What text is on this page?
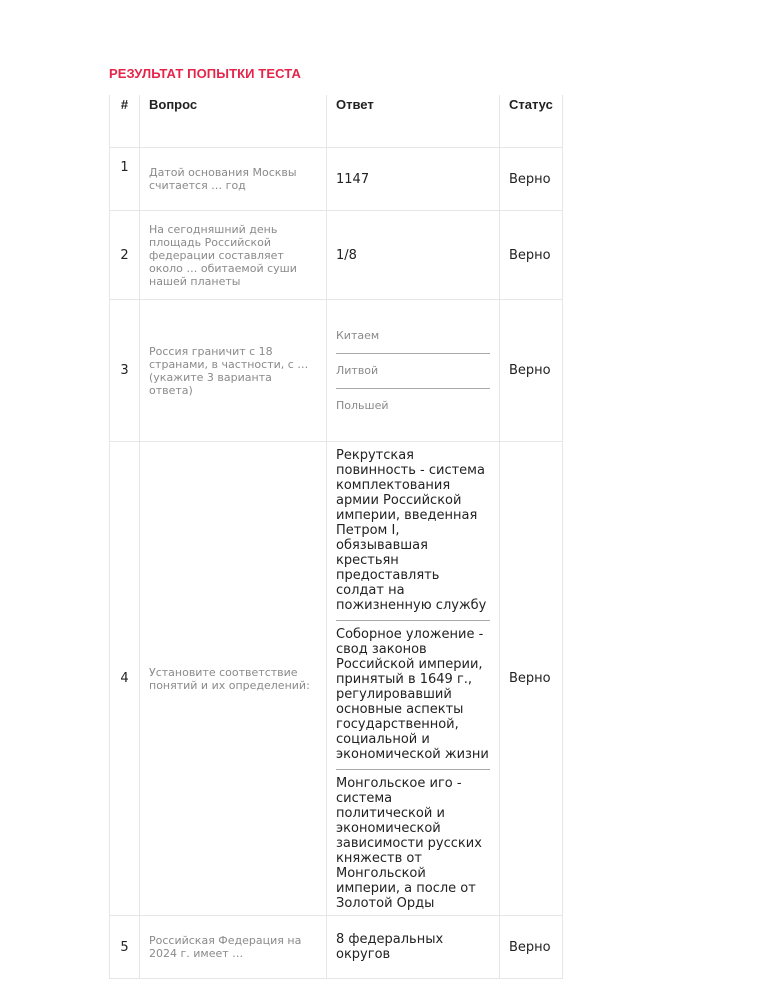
РЕЗУЛЬТАТ ПОПЫТКИ ТЕСТА
#	Вопрос	Ответ	Статус
1	Датой основания Москвы считается … год	1147	Верно
2	На сегодняшний день площадь Российской федерации составляет около … обитаемой суши нашей планеты	1/8	Верно
3	Россия граничит с 18 странами, в частности, с … (укажите 3 варианта ответа)	Китаем
Литвой
Польшей	Верно
4	Установите соответствие понятий и их определений:	Рекрутская повинность - система комплектования армии Российской империи, введенная Петром I, обязывавшая крестьян предоставлять солдат на пожизненную службу
Соборное уложение - свод законов Российской империи, принятый в 1649 г., регулировавший основные аспекты государственной, социальной и экономической жизни
Монгольское иго - система политической и экономической зависимости русских княжеств от Монгольской империи, а после от Золотой Орды	Верно
5	Российская Федерация на 2024 г. имеет …	8 федеральных округов	Верно
